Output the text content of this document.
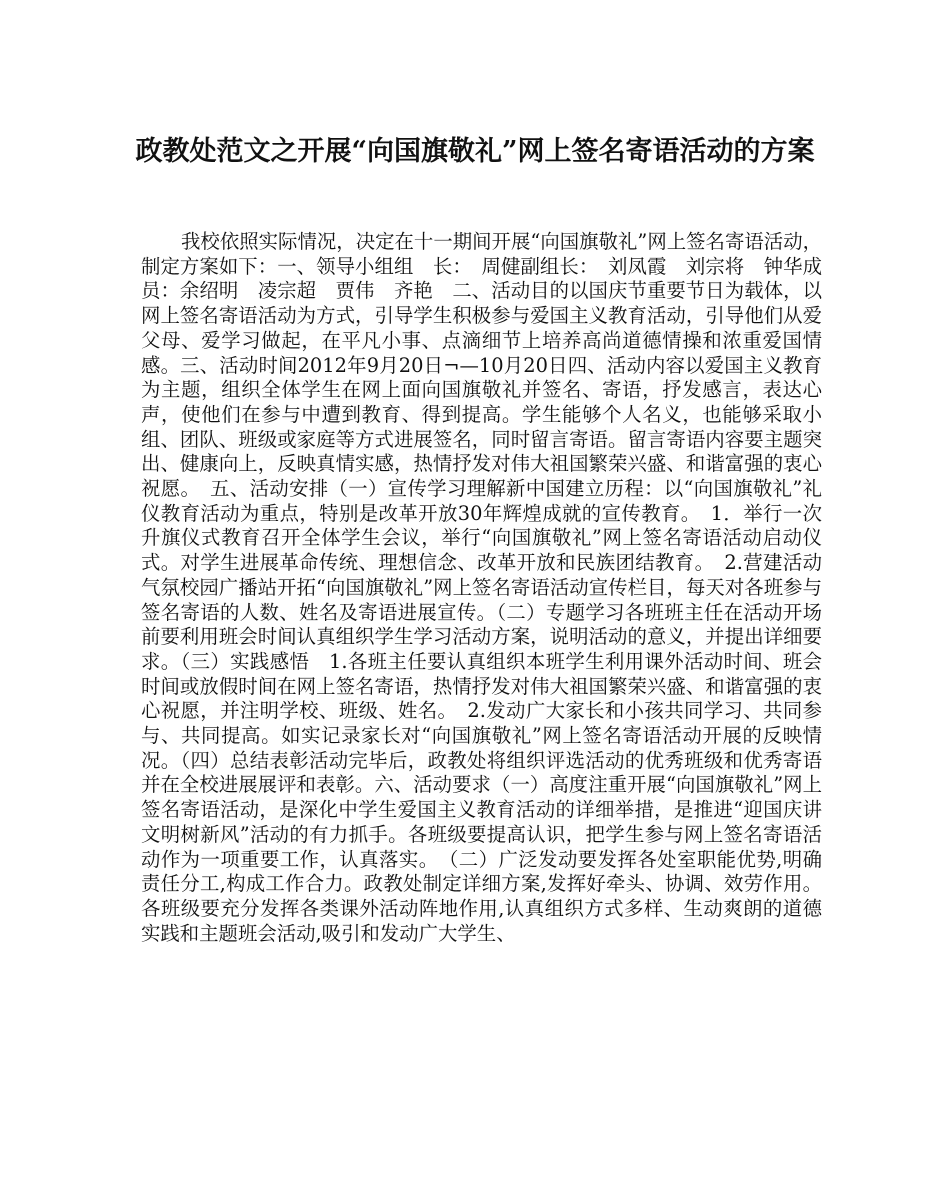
政教处范文之开展“向国旗敬礼”网上签名寄语活动的方案

我校依照实际情况，决定在十一期间开展“向国旗敬礼”网上签名寄语活动，制定方案如下：一、领导小组组　长：　周健副组长：　刘凤霞　刘宗将　钟华成　员：余绍明　凌宗超　贾伟　齐艳　二、活动目的以国庆节重要节日为载体，以网上签名寄语活动为方式，引导学生积极参与爱国主义教育活动，引导他们从爱父母、爱学习做起，在平凡小事、点滴细节上培养高尚道德情操和浓重爱国情感。三、活动时间2012年9月20日¬—10月20日四、活动内容以爱国主义教育为主题，组织全体学生在网上面向国旗敬礼并签名、寄语，抒发感言，表达心声，使他们在参与中遭到教育、得到提高。学生能够个人名义，也能够采取小组、团队、班级或家庭等方式进展签名，同时留言寄语。留言寄语内容要主题突出、健康向上，反映真情实感，热情抒发对伟大祖国繁荣兴盛、和谐富强的衷心祝愿。　五、活动安排（一）宣传学习理解新中国建立历程：以“向国旗敬礼”礼仪教育活动为重点，特别是改革开放30年辉煌成就的宣传教育。　1．举行一次升旗仪式教育召开全体学生会议，举行“向国旗敬礼”网上签名寄语活动启动仪式。对学生进展革命传统、理想信念、改革开放和民族团结教育。　2.营建活动气氛校园广播站开拓“向国旗敬礼”网上签名寄语活动宣传栏目，每天对各班参与签名寄语的人数、姓名及寄语进展宣传。（二）专题学习各班班主任在活动开场前要利用班会时间认真组织学生学习活动方案，说明活动的意义，并提出详细要求。（三）实践感悟　1.各班主任要认真组织本班学生利用课外活动时间、班会时间或放假时间在网上签名寄语，热情抒发对伟大祖国繁荣兴盛、和谐富强的衷心祝愿，并注明学校、班级、姓名。　2.发动广大家长和小孩共同学习、共同参与、共同提高。如实记录家长对“向国旗敬礼”网上签名寄语活动开展的反映情况。（四）总结表彰活动完毕后，政教处将组织评选活动的优秀班级和优秀寄语并在全校进展展评和表彰。六、活动要求（一）高度注重开展“向国旗敬礼”网上签名寄语活动，是深化中学生爱国主义教育活动的详细举措，是推进“迎国庆讲文明树新风”活动的有力抓手。各班级要提高认识，把学生参与网上签名寄语活动作为一项重要工作，认真落实。　（二）广泛发动要发挥各处室职能优势,明确责任分工,构成工作合力。政教处制定详细方案,发挥好牵头、协调、效劳作用。各班级要充分发挥各类课外活动阵地作用,认真组织方式多样、生动爽朗的道德实践和主题班会活动,吸引和发动广大学生、
